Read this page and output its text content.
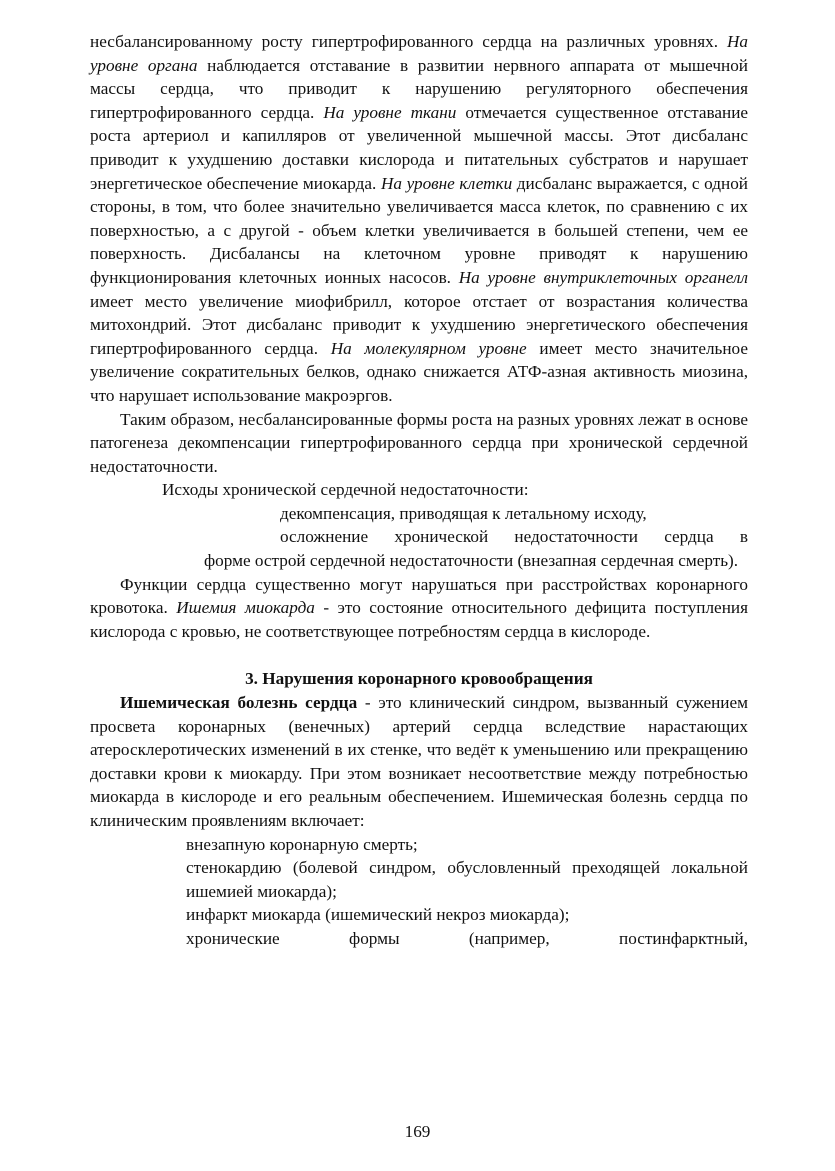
несбалансированному росту гипертрофированного сердца на различных уровнях. На уровне органа наблюдается отставание в развитии нервного аппарата от мышечной массы сердца, что приводит к нарушению регуляторного обеспечения гипертрофированного сердца. На уровне ткани отмечается существенное отставание роста артериол и капилляров от увеличенной мышечной массы. Этот дисбаланс приводит к ухудшению доставки кислорода и питательных субстратов и нарушает энергетическое обеспечение миокарда. На уровне клетки дисбаланс выражается, с одной стороны, в том, что более значительно увеличивается масса клеток, по сравнению с их поверхностью, а с другой - объем клетки увеличивается в большей степени, чем ее поверхность. Дисбалансы на клеточном уровне приводят к нарушению функционирования клеточных ионных насосов. На уровне внутриклеточных органелл имеет место увеличение миофибрилл, которое отстает от возрастания количества митохондрий. Этот дисбаланс приводит к ухудшению энергетического обеспечения гипертрофированного сердца. На молекулярном уровне имеет место значительное увеличение сократительных белков, однако снижается АТФ-азная активность миозина, что нарушает использование макроэргов.

Таким образом, несбалансированные формы роста на разных уровнях лежат в основе патогенеза декомпенсации гипертрофированного сердца при хронической сердечной недостаточности.

Исходы хронической сердечной недостаточности:

декомпенсация, приводящая к летальному исходу,

осложнение хронической недостаточности сердца в
форме острой сердечной недостаточности (внезапная сердечная смерть).

Функции сердца существенно могут нарушаться при расстройствах коронарного кровотока. Ишемия миокарда - это состояние относительного дефицита поступления кислорода с кровью, не соответствующее потребностям сердца в кислороде.

3. Нарушения коронарного кровообращения

Ишемическая болезнь сердца - это клинический синдром, вызванный сужением просвета коронарных (венечных) артерий сердца вследствие нарастающих атеросклеротических изменений в их стенке, что ведёт к уменьшению или прекращению доставки крови к миокарду. При этом возникает несоответствие между потребностью миокарда в кислороде и его реальным обеспечением. Ишемическая болезнь сердца по клиническим проявлениям включает:

внезапную коронарную смерть;
стенокардию (болевой синдром, обусловленный преходящей локальной ишемией миокарда);
инфаркт миокарда (ишемический некроз миокарда);
хронические формы (например, постинфарктный,
169
